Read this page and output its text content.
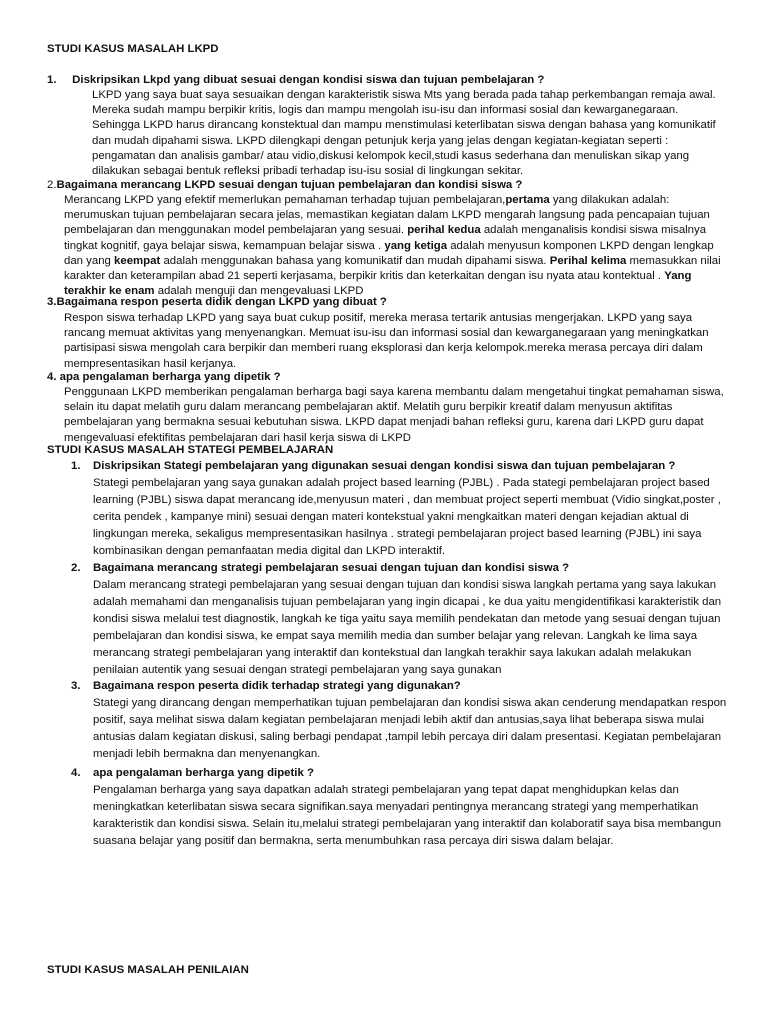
STUDI KASUS MASALAH LKPD
1. Diskripsikan Lkpd yang dibuat sesuai dengan kondisi siswa dan tujuan pembelajaran ?
LKPD yang saya buat saya sesuaikan dengan karakteristik siswa Mts yang berada pada tahap perkembangan remaja awal. Mereka sudah mampu berpikir kritis, logis dan mampu mengolah isu-isu dan informasi sosial dan kewarganegaraan. Sehingga LKPD harus dirancang konstektual dan mampu menstimulasi keterlibatan siswa dengan bahasa yang komunikatif dan mudah dipahami siswa. LKPD dilengkapi dengan petunjuk kerja yang jelas dengan kegiatan-kegiatan seperti : pengamatan dan analisis gambar/ atau vidio,diskusi kelompok kecil,studi kasus sederhana dan menuliskan sikap yang dilakukan sebagai bentuk refleksi pribadi terhadap isu-isu sosial di lingkungan sekitar.
2.Bagaimana merancang LKPD sesuai dengan tujuan pembelajaran dan kondisi siswa ?
Merancang LKPD yang efektif memerlukan pemahaman terhadap tujuan pembelajaran,pertama yang dilakukan adalah: merumuskan tujuan pembelajaran secara jelas, memastikan kegiatan dalam LKPD mengarah langsung pada pencapaian tujuan pembelajaran dan menggunakan model pembelajaran yang sesuai. perihal kedua adalah menganalisis kondisi siswa misalnya tingkat kognitif, gaya belajar siswa, kemampuan belajar siswa . yang ketiga adalah menyusun komponen LKPD dengan lengkap dan yang keempat adalah menggunakan bahasa yang komunikatif dan mudah dipahami siswa. Perihal kelima memasukkan nilai karakter dan keterampilan abad 21 seperti kerjasama, berpikir kritis dan keterkaitan dengan isu nyata atau kontektual . Yang terakhir ke enam adalah menguji dan mengevaluasi LKPD
3.Bagaimana respon peserta didik dengan LKPD yang dibuat ?
Respon siswa terhadap LKPD yang saya buat cukup positif, mereka merasa tertarik antusias mengerjakan. LKPD yang saya rancang memuat aktivitas yang menyenangkan. Memuat isu-isu dan informasi sosial dan kewarganegaraan yang meningkatkan partisipasi siswa mengolah cara berpikir dan memberi ruang eksplorasi dan kerja kelompok.mereka merasa percaya diri dalam mempresentasikan hasil kerjanya.
4. apa pengalaman berharga yang dipetik ?
Penggunaan LKPD memberikan pengalaman berharga bagi saya karena membantu dalam mengetahui tingkat pemahaman siswa, selain itu dapat melatih guru dalam merancang pembelajaran aktif. Melatih guru berpikir kreatif dalam menyusun aktifitas pembelajaran yang bermakna sesuai kebutuhan siswa. LKPD dapat menjadi bahan refleksi guru, karena dari LKPD guru dapat mengevaluasi efektifitas pembelajaran dari hasil kerja siswa di LKPD
STUDI KASUS MASALAH STATEGI PEMBELAJARAN
1. Diskripsikan Stategi pembelajaran yang digunakan sesuai dengan kondisi siswa dan tujuan pembelajaran ?
Stategi pembelajaran yang saya gunakan adalah project based learning (PJBL) . Pada stategi pembelajaran project based learning (PJBL) siswa dapat merancang ide,menyusun materi , dan membuat project seperti membuat (Vidio singkat,poster , cerita pendek , kampanye mini) sesuai dengan materi kontekstual yakni mengkaitkan materi dengan kejadian aktual di lingkungan mereka, sekaligus mempresentasikan hasilnya . strategi pembelajaran project based learning (PJBL) ini saya kombinasikan dengan pemanfaatan media digital dan LKPD interaktif.
2. Bagaimana merancang strategi pembelajaran sesuai dengan tujuan dan kondisi siswa ?
Dalam merancang strategi pembelajaran yang sesuai dengan tujuan dan kondisi siswa langkah pertama yang saya lakukan adalah memahami dan menganalisis tujuan pembelajaran yang ingin dicapai , ke dua yaitu mengidentifikasi karakteristik dan kondisi siswa melalui test diagnostik, langkah ke tiga yaitu saya memilih pendekatan dan metode yang sesuai dengan tujuan pembelajaran dan kondisi siswa, ke empat saya memilih media dan sumber belajar yang relevan. Langkah ke lima saya merancang strategi pembelajaran yang interaktif dan kontekstual dan langkah terakhir saya lakukan adalah melakukan penilaian autentik yang sesuai dengan strategi pembelajaran yang saya gunakan
3. Bagaimana respon peserta didik terhadap strategi yang digunakan?
Stategi yang dirancang dengan memperhatikan tujuan pembelajaran dan kondisi siswa akan cenderung mendapatkan respon positif, saya melihat siswa dalam kegiatan pembelajaran menjadi lebih aktif dan antusias,saya lihat beberapa siswa mulai antusias dalam kegiatan diskusi, saling berbagi pendapat ,tampil lebih percaya diri dalam presentasi. Kegiatan pembelajaran menjadi lebih bermakna dan menyenangkan.
4. apa pengalaman berharga yang dipetik ?
Pengalaman berharga yang saya dapatkan adalah strategi pembelajaran yang tepat dapat menghidupkan kelas dan meningkatkan keterlibatan siswa secara signifikan.saya menyadari pentingnya merancang strategi yang memperhatikan karakteristik dan kondisi siswa. Selain itu,melalui strategi pembelajaran yang interaktif dan kolaboratif saya bisa membangun suasana belajar yang positif dan bermakna, serta menumbuhkan rasa percaya diri siswa dalam belajar.
STUDI KASUS MASALAH PENILAIAN
